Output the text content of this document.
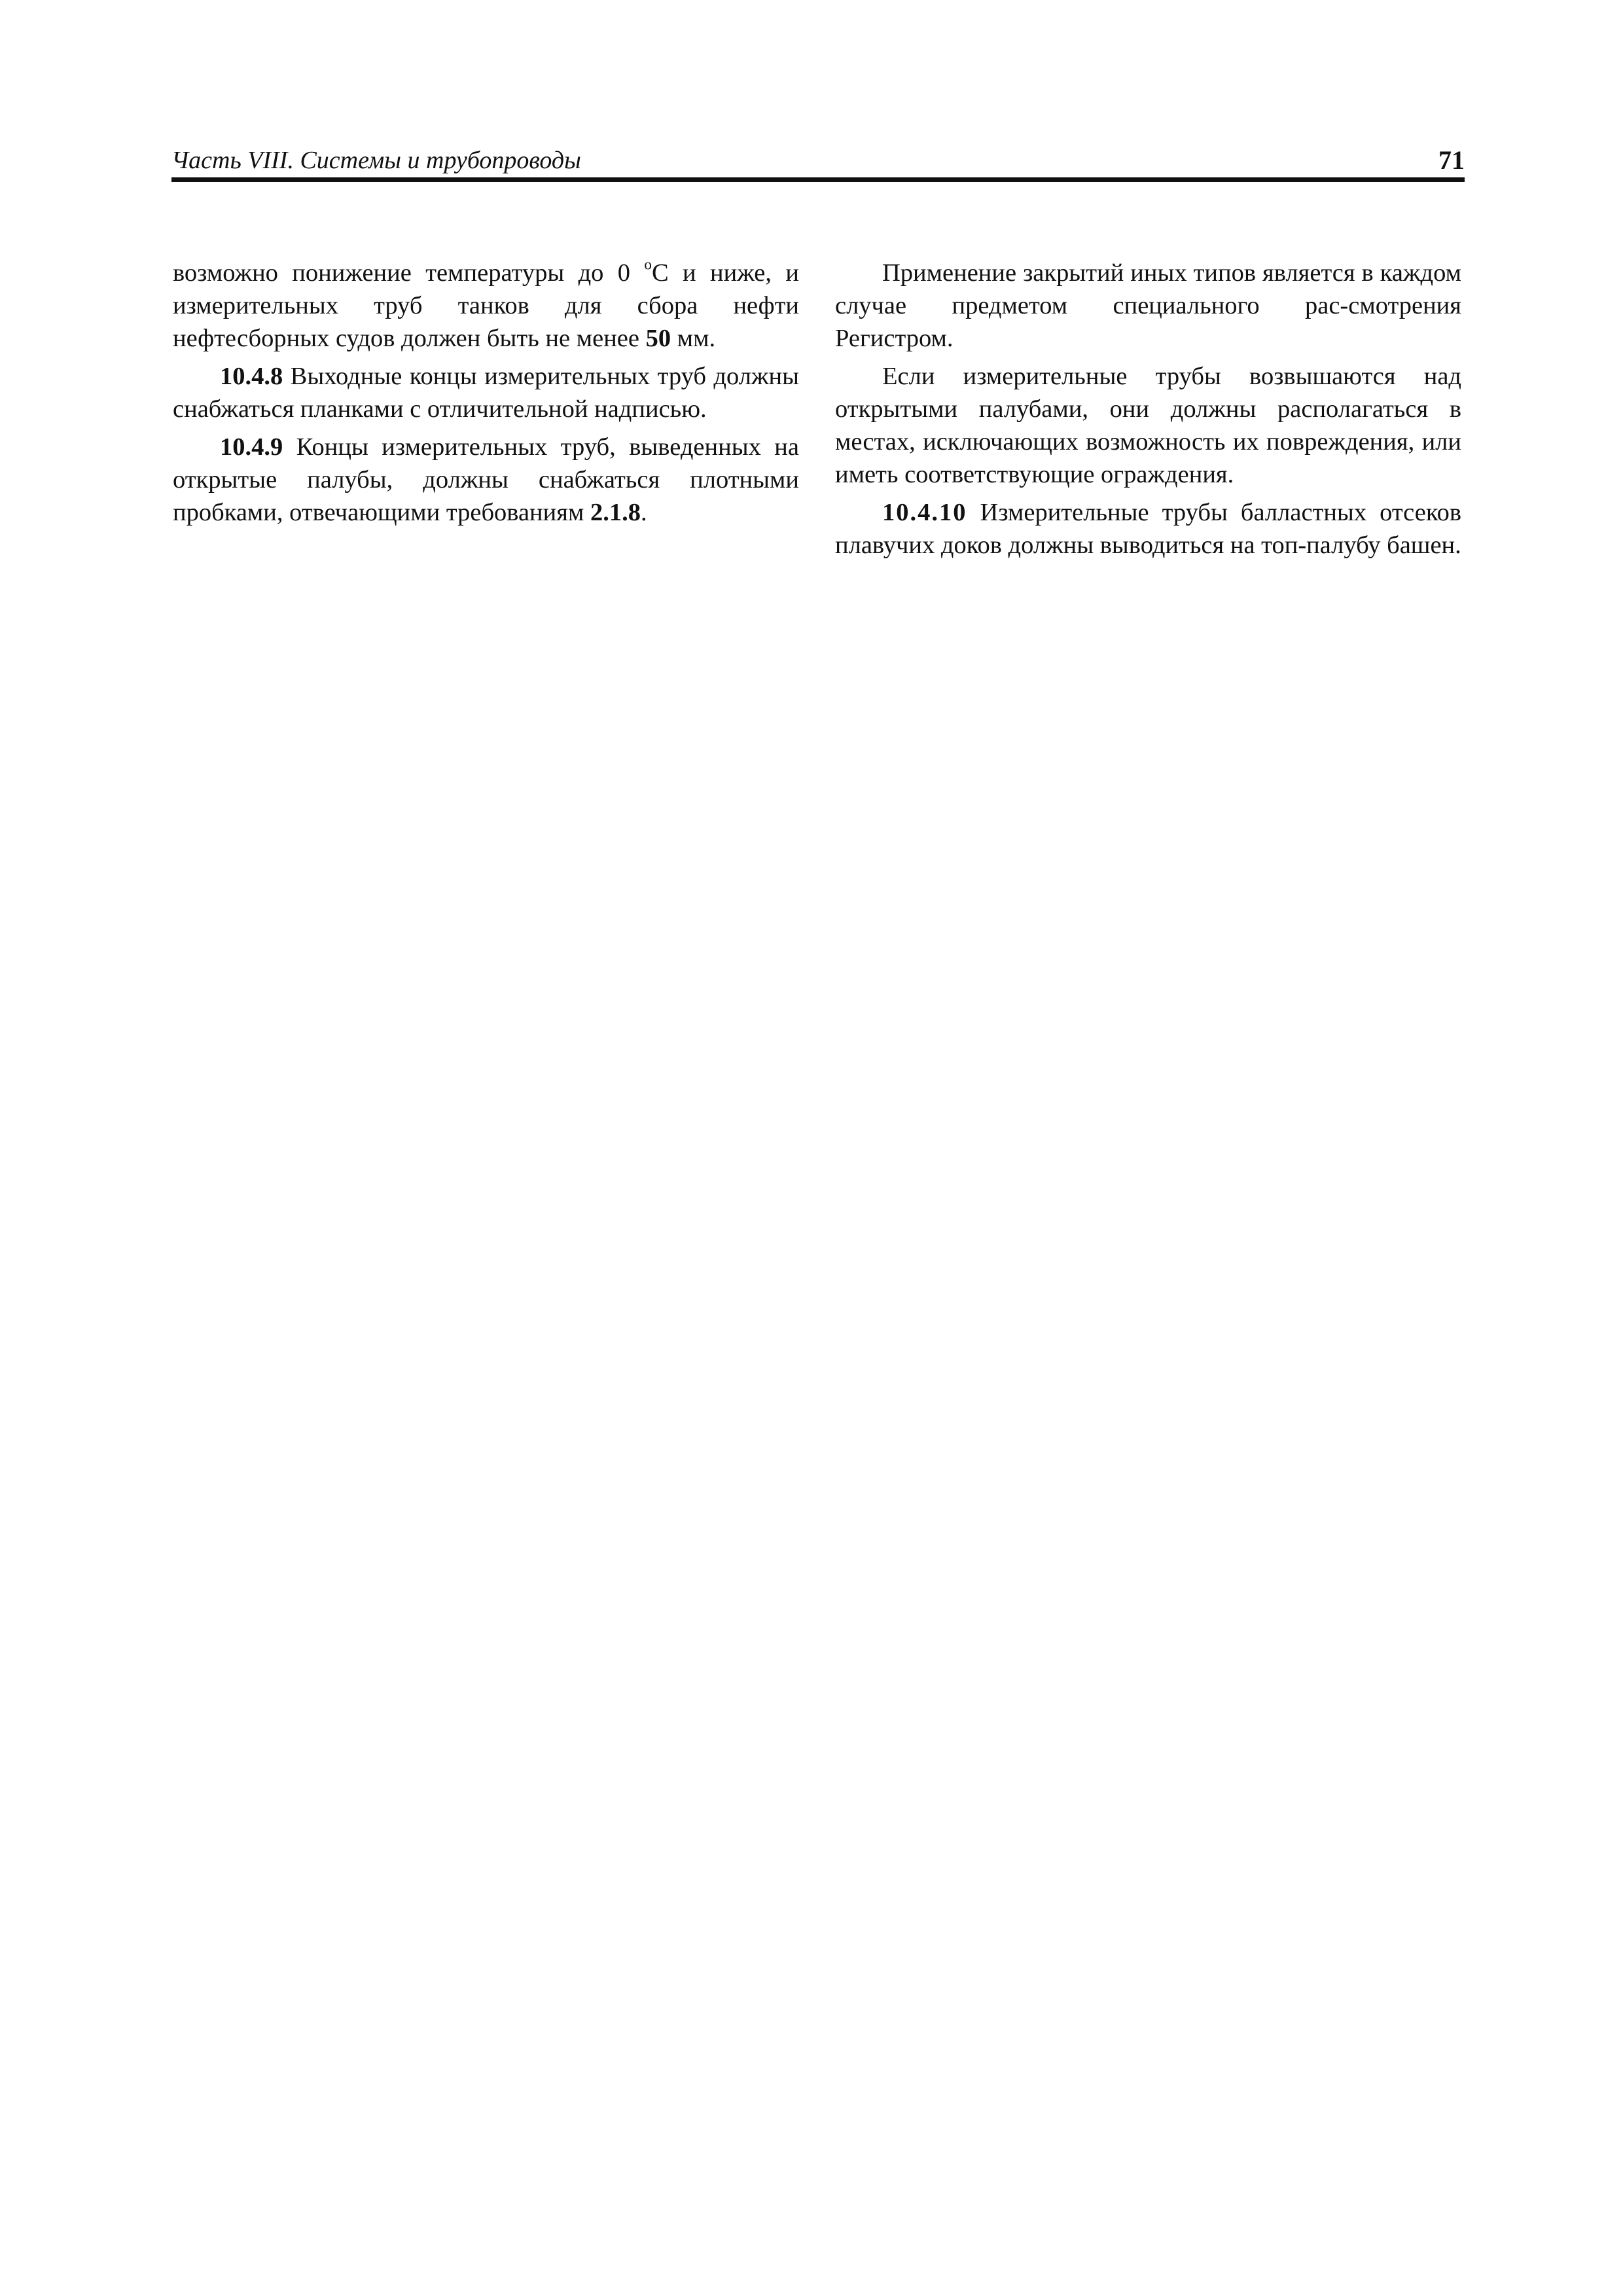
Часть VIII. Системы и трубопроводы	71

возможно понижение температуры до 0 $^o$С и ниже, и измерительных труб танков для сбора нефти нефтесборных судов должен быть не менее 50 мм.

10.4.8 Выходные концы измерительных труб должны снабжаться планками с отличительной надписью.

10.4.9 Концы измерительных труб, выведенных на открытые палубы, должны снабжаться плотными пробками, отвечающими требованиям 2.1.8.

Применение закрытий иных типов является в каждом случае предметом специального рас-смотрения Регистром.

Если измерительные трубы возвышаются над открытыми палубами, они должны располагаться в местах, исключающих возможность их повреждения, или иметь соответствующие ограждения.

10.4.10 Измерительные трубы балластных отсеков плавучих доков должны выводиться на топ-палубу башен.
